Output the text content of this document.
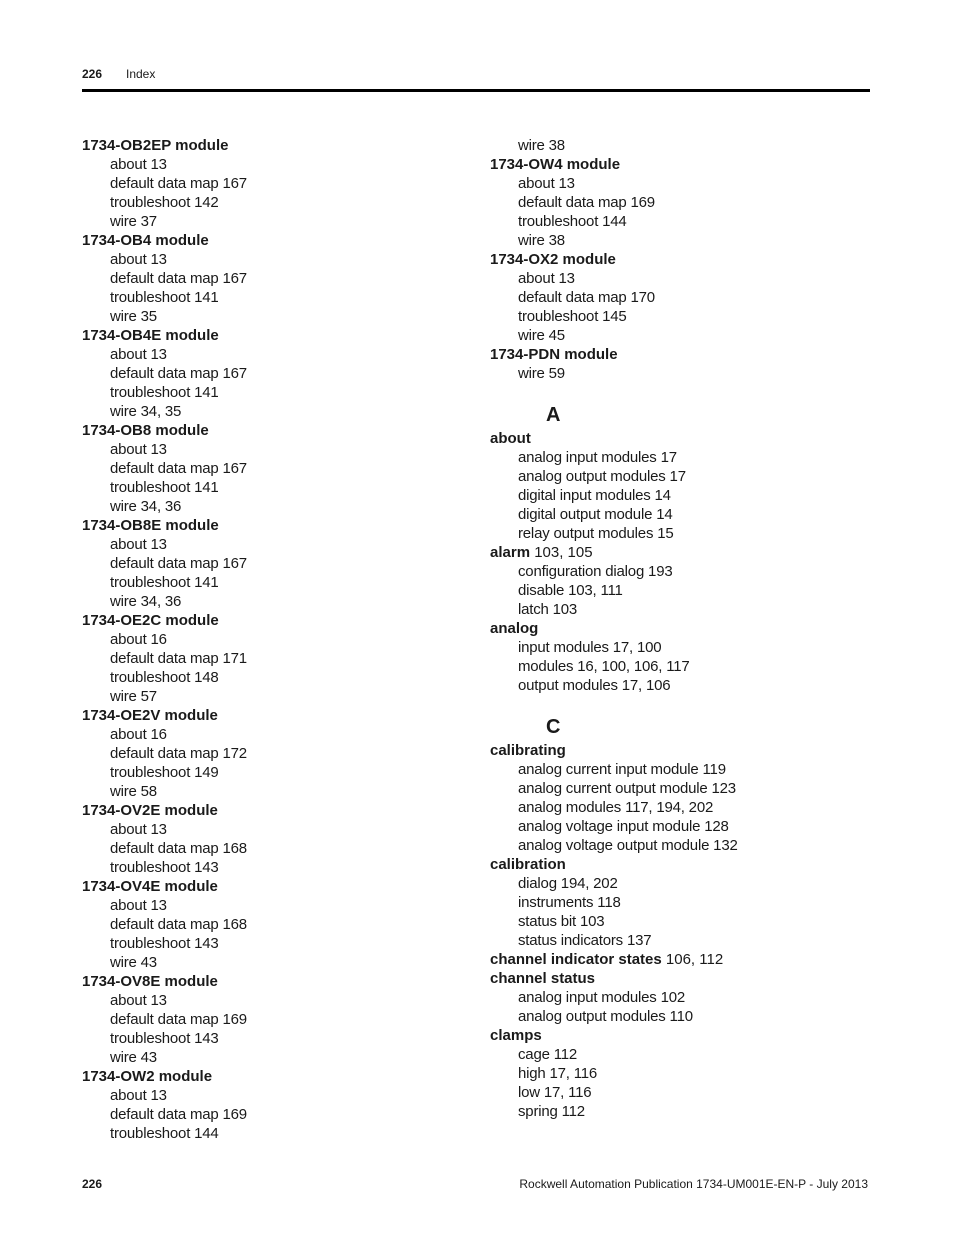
226 Index
1734-OB2EP module
about 13
default data map 167
troubleshoot 142
wire 37
1734-OB4 module
about 13
default data map 167
troubleshoot 141
wire 35
1734-OB4E module
about 13
default data map 167
troubleshoot 141
wire 34, 35
1734-OB8 module
about 13
default data map 167
troubleshoot 141
wire 34, 36
1734-OB8E module
about 13
default data map 167
troubleshoot 141
wire 34, 36
1734-OE2C module
about 16
default data map 171
troubleshoot 148
wire 57
1734-OE2V module
about 16
default data map 172
troubleshoot 149
wire 58
1734-OV2E module
about 13
default data map 168
troubleshoot 143
1734-OV4E module
about 13
default data map 168
troubleshoot 143
wire 43
1734-OV8E module
about 13
default data map 169
troubleshoot 143
wire 43
1734-OW2 module
about 13
default data map 169
troubleshoot 144
wire 38
1734-OW4 module
about 13
default data map 169
troubleshoot 144
wire 38
1734-OX2 module
about 13
default data map 170
troubleshoot 145
wire 45
1734-PDN module
wire 59
A
about
analog input modules 17
analog output modules 17
digital input modules 14
digital output module 14
relay output modules 15
alarm 103, 105
configuration dialog 193
disable 103, 111
latch 103
analog
input modules 17, 100
modules 16, 100, 106, 117
output modules 17, 106
C
calibrating
analog current input module 119
analog current output module 123
analog modules 117, 194, 202
analog voltage input module 128
analog voltage output module 132
calibration
dialog 194, 202
instruments 118
status bit 103
status indicators 137
channel indicator states 106, 112
channel status
analog input modules 102
analog output modules 110
clamps
cage 112
high 17, 116
low 17, 116
spring 112
226	Rockwell Automation Publication 1734-UM001E-EN-P - July 2013
